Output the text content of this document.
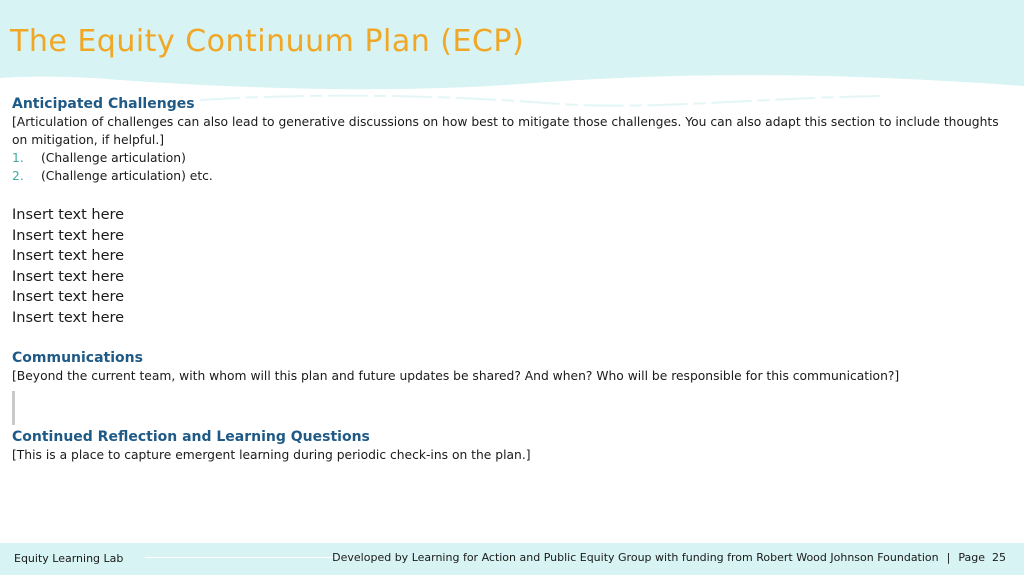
The Equity Continuum Plan (ECP)
Anticipated Challenges

[Articulation of challenges can also lead to generative discussions on how best to mitigate those challenges. You can also adapt this section to include thoughts on mitigation, if helpful.]

1.	(Challenge articulation)
2.	(Challenge articulation) etc.
Insert text here
Insert text here
Insert text here
Insert text here
Insert text here
Insert text here
Communications

[Beyond the current team, with whom will this plan and future updates be shared? And when? Who will be responsible for this communication?]

Continued Reflection and Learning Questions

[This is a place to capture emergent learning during periodic check-ins on the plan.]

Equity Learning Lab	Developed by Learning for Action and Public Equity Group with funding from Robert Wood Johnson Foundation | Page 25
